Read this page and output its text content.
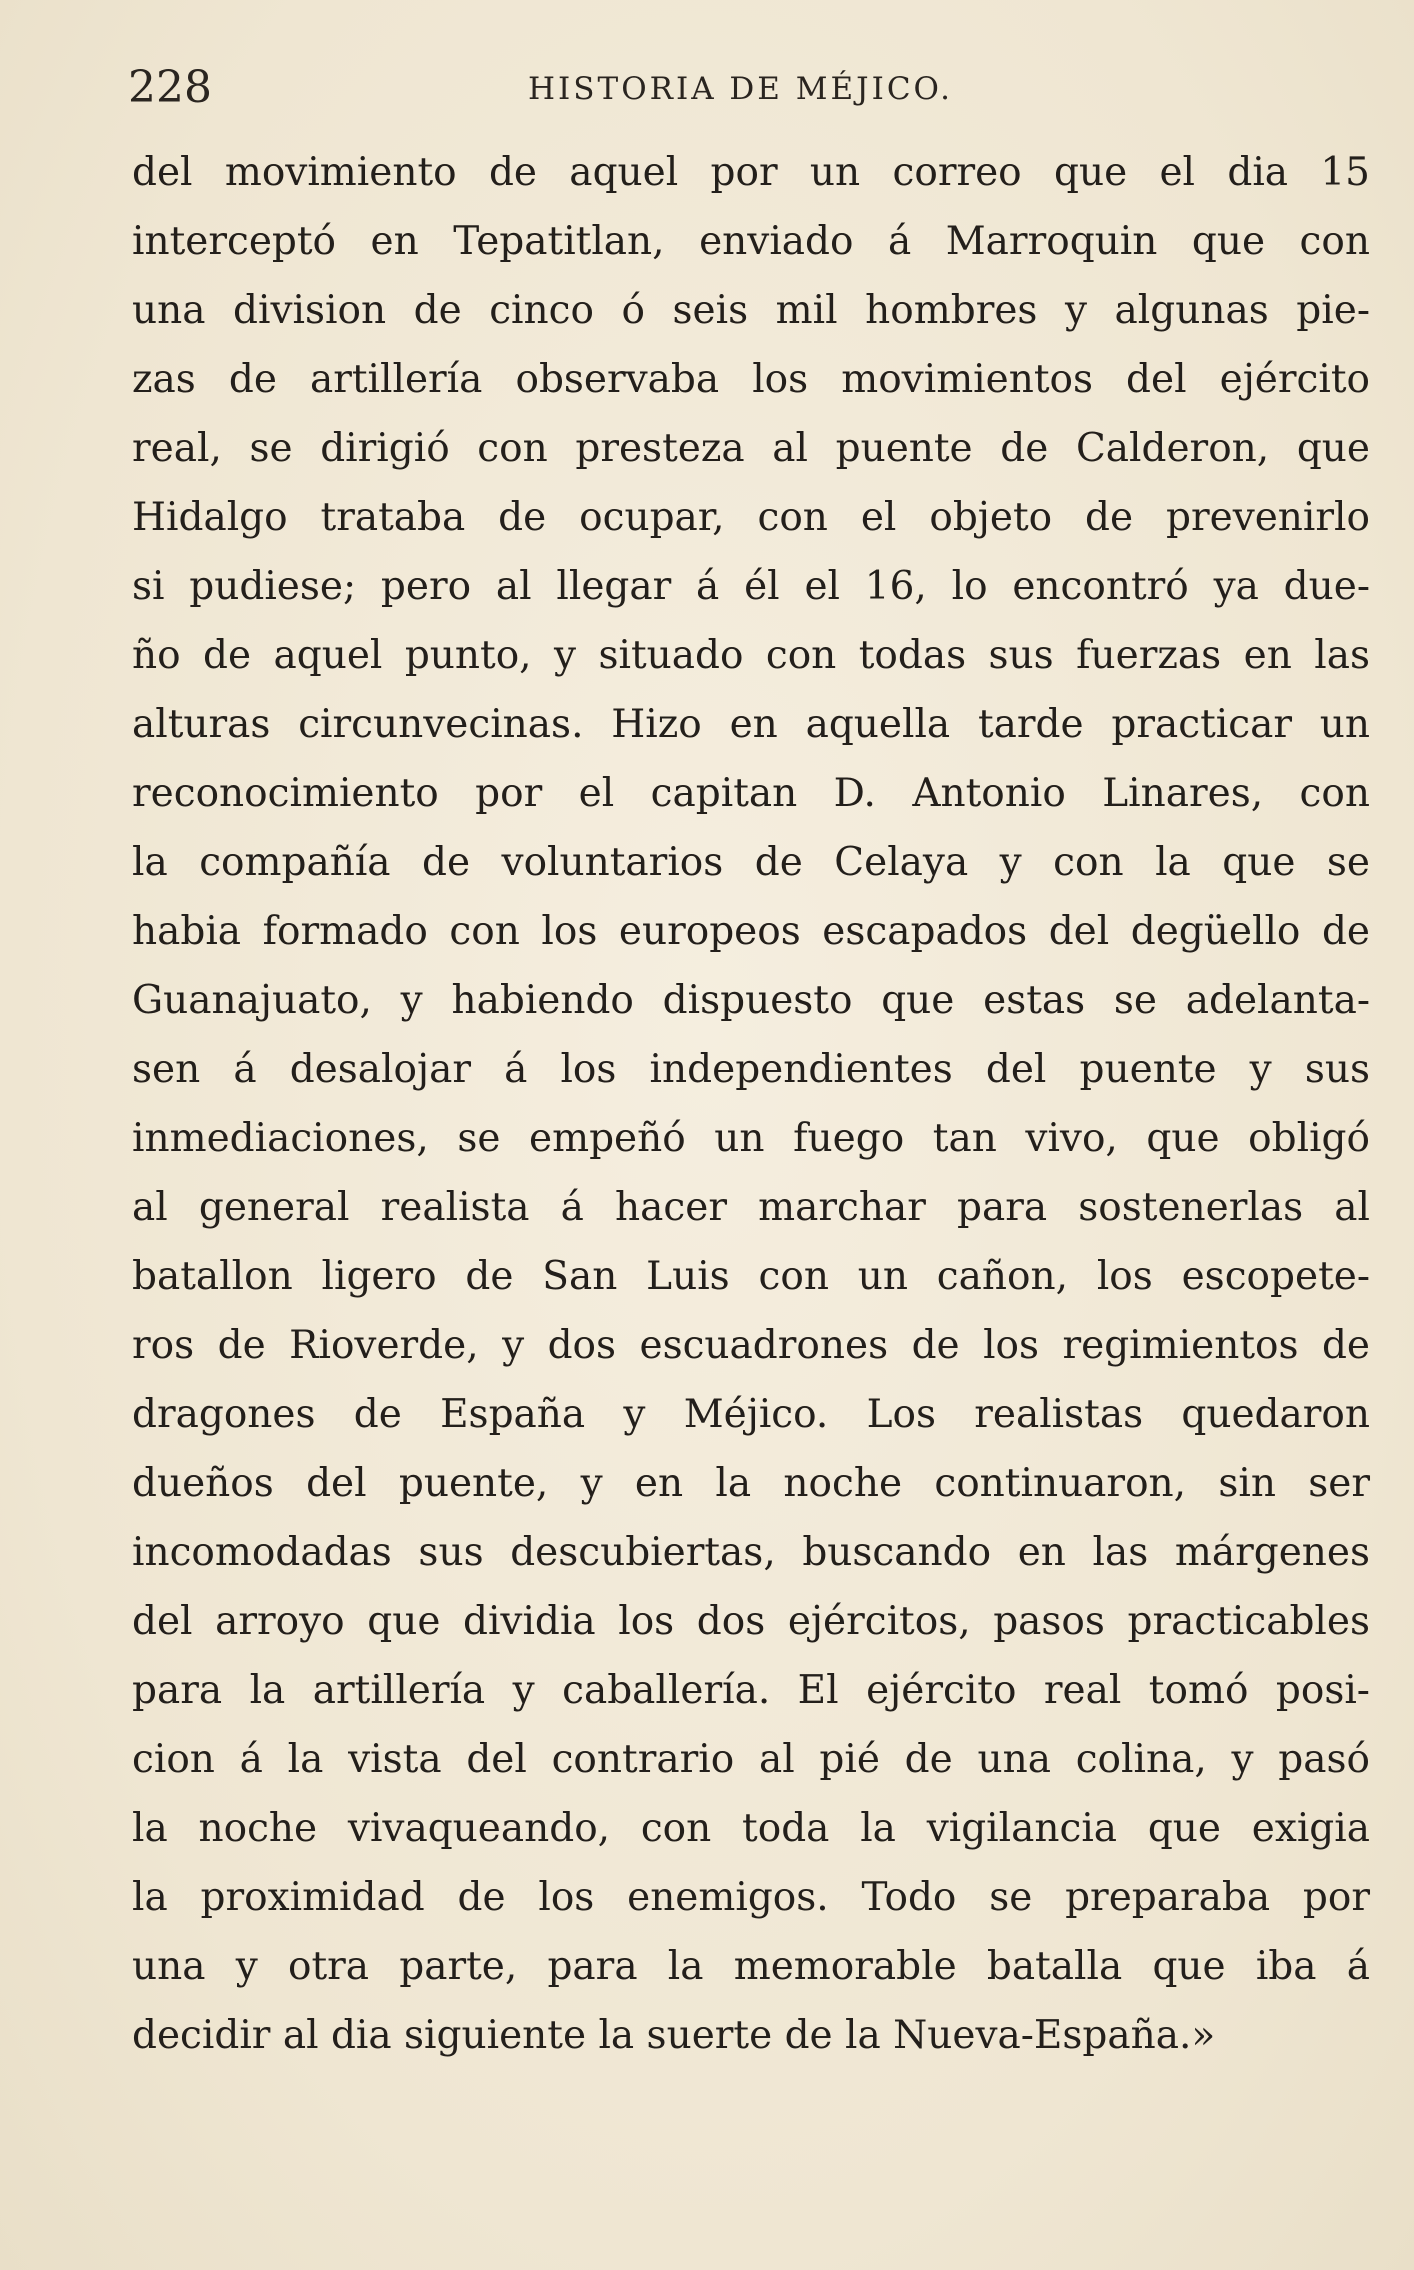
228	HISTORIA DE MÉJICO.
del movimiento de aquel por un correo que el dia 15
interceptó en Tepatitlan, enviado á Marroquin que con
una division de cinco ó seis mil hombres y algunas pie-
zas de artillería observaba los movimientos del ejército
real, se dirigió con presteza al puente de Calderon, que
Hidalgo trataba de ocupar, con el objeto de prevenirlo
si pudiese; pero al llegar á él el 16, lo encontró ya due-
ño de aquel punto, y situado con todas sus fuerzas en las
alturas circunvecinas. Hizo en aquella tarde practicar un
reconocimiento por el capitan D. Antonio Linares, con
la compañía de voluntarios de Celaya y con la que se
habia formado con los europeos escapados del degüello de
Guanajuato, y habiendo dispuesto que estas se adelanta-
sen á desalojar á los independientes del puente y sus
inmediaciones, se empeñó un fuego tan vivo, que obligó
al general realista á hacer marchar para sostenerlas al
batallon ligero de San Luis con un cañon, los escopete-
ros de Rioverde, y dos escuadrones de los regimientos de
dragones de España y Méjico. Los realistas quedaron
dueños del puente, y en la noche continuaron, sin ser
incomodadas sus descubiertas, buscando en las márgenes
del arroyo que dividia los dos ejércitos, pasos practicables
para la artillería y caballería. El ejército real tomó posi-
cion á la vista del contrario al pié de una colina, y pasó
la noche vivaqueando, con toda la vigilancia que exigia
la proximidad de los enemigos. Todo se preparaba por
una y otra parte, para la memorable batalla que iba á
decidir al dia siguiente la suerte de la Nueva-España.»
